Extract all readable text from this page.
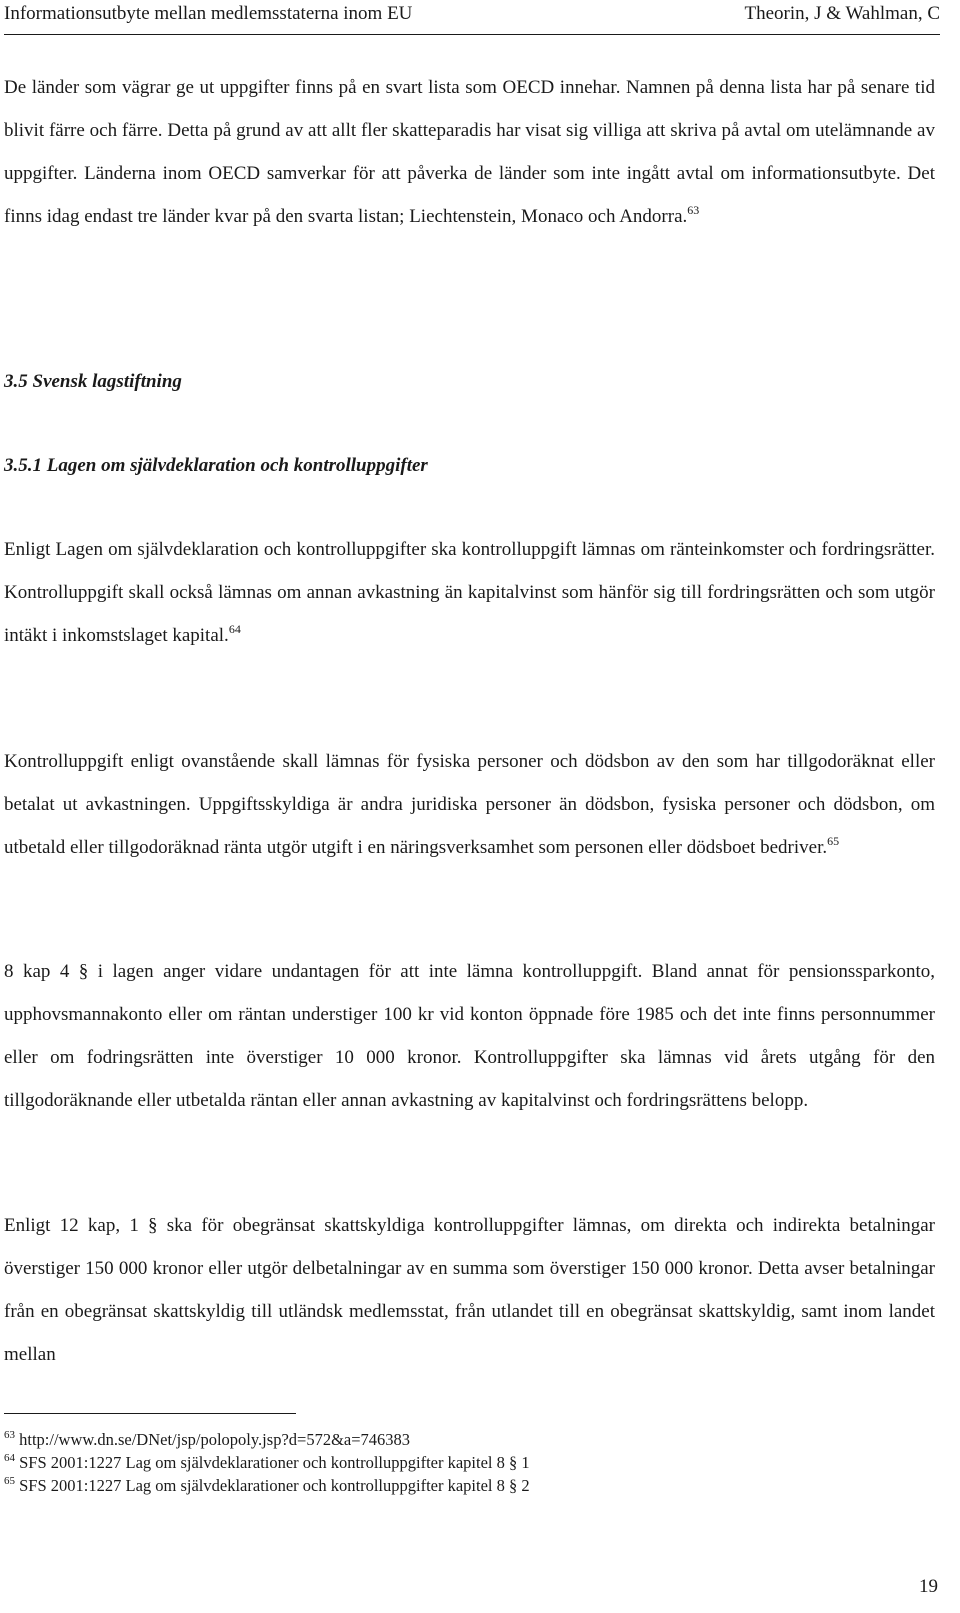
Informationsutbyte mellan medlemsstaterna inom EU	Theorin, J & Wahlman, C

De länder som vägrar ge ut uppgifter finns på en svart lista som OECD innehar. Namnen på denna lista har på senare tid blivit färre och färre. Detta på grund av att allt fler skatteparadis har visat sig villiga att skriva på avtal om utelämnande av uppgifter. Länderna inom OECD samverkar för att påverka de länder som inte ingått avtal om informationsutbyte. Det finns idag endast tre länder kvar på den svarta listan; Liechtenstein, Monaco och Andorra.$^{63}$

3.5 Svensk lagstiftning
3.5.1 Lagen om självdeklaration och kontrolluppgifter
Enligt Lagen om självdeklaration och kontrolluppgifter ska kontrolluppgift lämnas om ränteinkomster och fordringsrätter. Kontrolluppgift skall också lämnas om annan avkastning än kapitalvinst som hänför sig till fordringsrätten och som utgör intäkt i inkomstslaget kapital.$^{64}$
Kontrolluppgift enligt ovanstående skall lämnas för fysiska personer och dödsbon av den som har tillgodoräknat eller betalat ut avkastningen. Uppgiftsskyldiga är andra juridiska personer än dödsbon, fysiska personer och dödsbon, om utbetald eller tillgodoräknad ränta utgör utgift i en näringsverksamhet som personen eller dödsboet bedriver.$^{65}$
8 kap 4 § i lagen anger vidare undantagen för att inte lämna kontrolluppgift. Bland annat för pensionssparkonto, upphovsmannakonto eller om räntan understiger 100 kr vid konton öppnade före 1985 och det inte finns personnummer eller om fodringsrätten inte överstiger 10 000 kronor. Kontrolluppgifter ska lämnas vid årets utgång för den tillgodoräknande eller utbetalda räntan eller annan avkastning av kapitalvinst och fordringsrättens belopp.
Enligt 12 kap, 1 § ska för obegränsat skattskyldiga kontrolluppgifter lämnas, om direkta och indirekta betalningar överstiger 150 000 kronor eller utgör delbetalningar av en summa som överstiger 150 000 kronor. Detta avser betalningar från en obegränsat skattskyldig till utländsk medlemsstat, från utlandet till en obegränsat skattskyldig, samt inom landet mellan
$^{63}$ http://www.dn.se/DNet/jsp/polopoly.jsp?d=572&a=746383
$^{64}$ SFS 2001:1227 Lag om självdeklarationer och kontrolluppgifter kapitel 8 § 1
$^{65}$ SFS 2001:1227 Lag om självdeklarationer och kontrolluppgifter kapitel 8 § 2
19
